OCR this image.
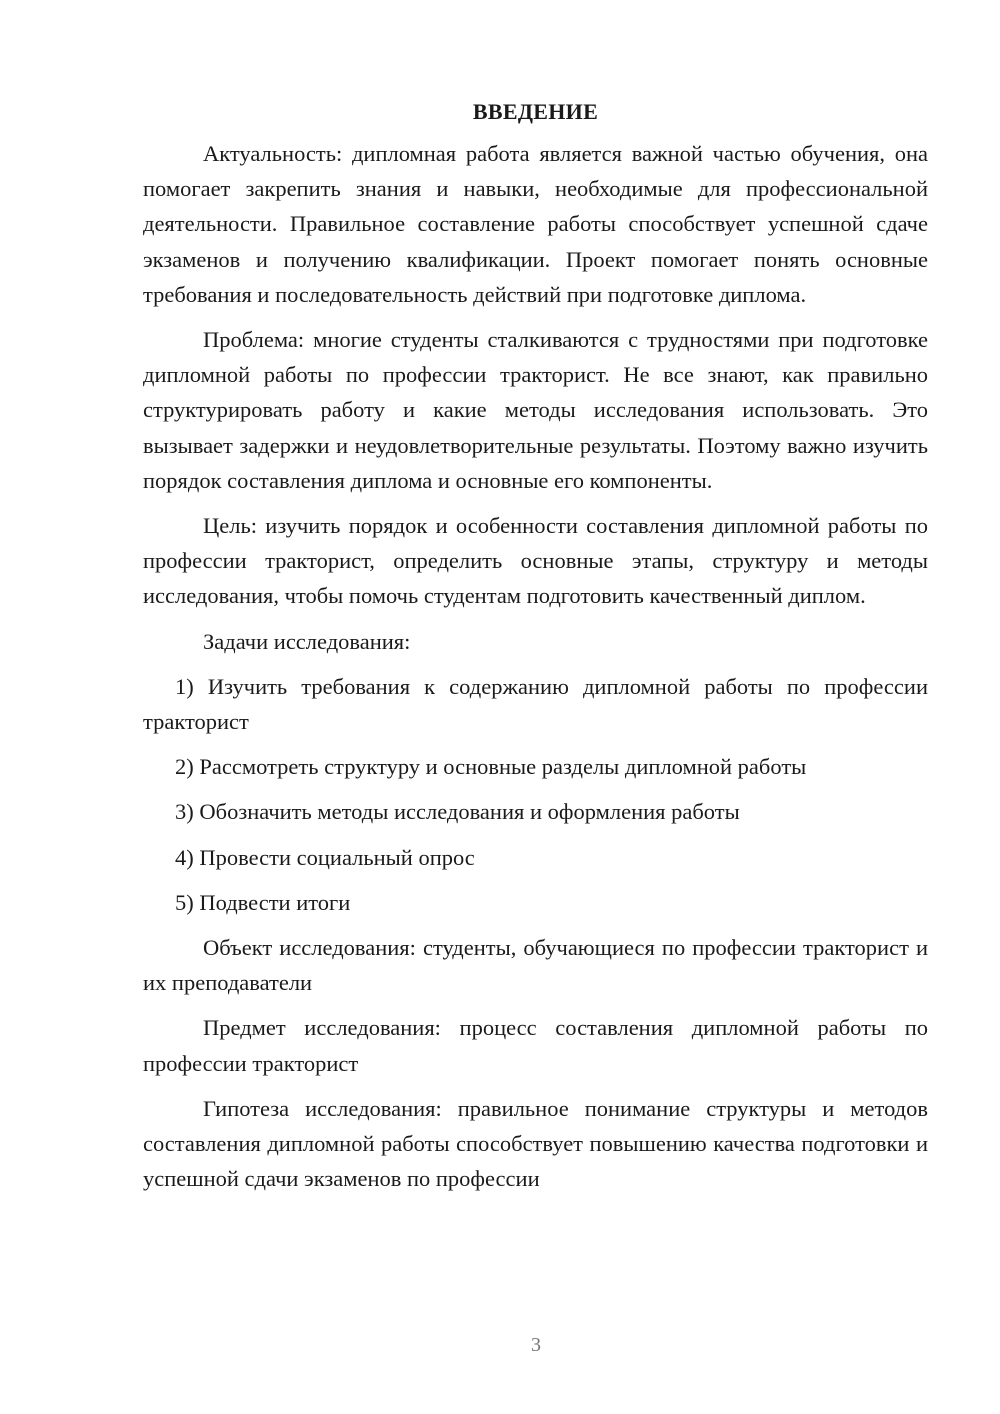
ВВЕДЕНИЕ

Актуальность: дипломная работа является важной частью обучения, она помогает закрепить знания и навыки, необходимые для профессиональной деятельности. Правильное составление работы способствует успешной сдаче экзаменов и получению квалификации. Проект помогает понять основные требования и последовательность действий при подготовке диплома.

Проблема: многие студенты сталкиваются с трудностями при подготовке дипломной работы по профессии тракторист. Не все знают, как правильно структурировать работу и какие методы исследования использовать. Это вызывает задержки и неудовлетворительные результаты. Поэтому важно изучить порядок составления диплома и основные его компоненты.

Цель: изучить порядок и особенности составления дипломной работы по профессии тракторист, определить основные этапы, структуру и методы исследования, чтобы помочь студентам подготовить качественный диплом.

Задачи исследования:

1) Изучить требования к содержанию дипломной работы по профессии тракторист

2) Рассмотреть структуру и основные разделы дипломной работы

3) Обозначить методы исследования и оформления работы

4) Провести социальный опрос

5) Подвести итоги

Объект исследования: студенты, обучающиеся по профессии тракторист и их преподаватели

Предмет исследования: процесс составления дипломной работы по профессии тракторист

Гипотеза исследования: правильное понимание структуры и методов составления дипломной работы способствует повышению качества подготовки и успешной сдачи экзаменов по профессии

3
